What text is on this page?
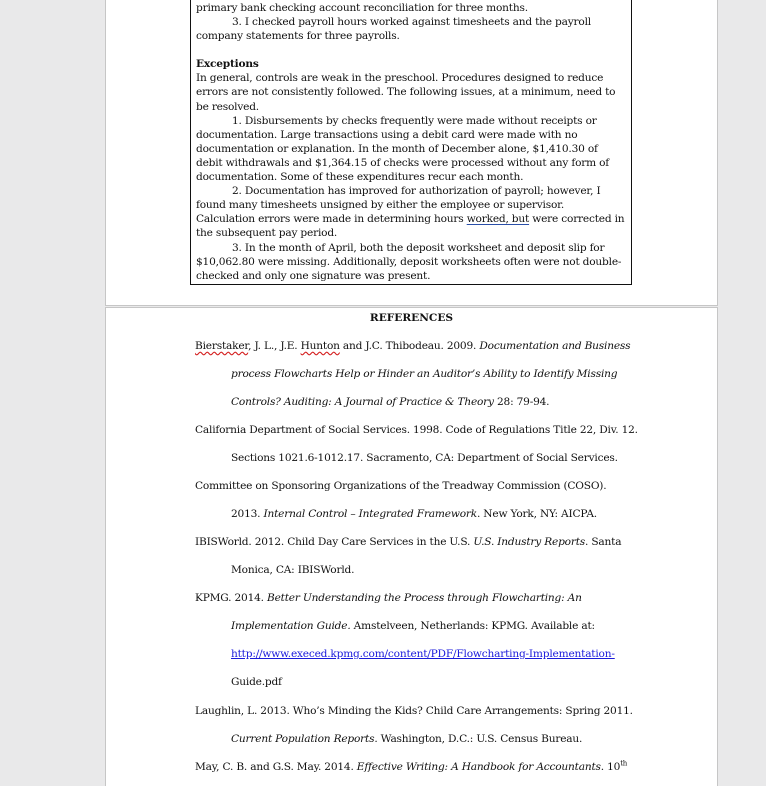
primary bank checking account reconciliation for three months.

3. I checked payroll hours worked against timesheets and the payroll

company statements for three payrolls.

Exceptions

In general, controls are weak in the preschool. Procedures designed to reduce errors are not consistently followed. The following issues, at a minimum, need to be resolved.

1. Disbursements by checks frequently were made without receipts or documentation. Large transactions using a debit card were made with no documentation or explanation. In the month of December alone, $1,410.30 of debit withdrawals and $1,364.15 of checks were processed without any form of documentation. Some of these expenditures recur each month.

2. Documentation has improved for authorization of payroll; however, I found many timesheets unsigned by either the employee or supervisor. Calculation errors were made in determining hours worked, but were corrected in the subsequent pay period.

3. In the month of April, both the deposit worksheet and deposit slip for $10,062.80 were missing. Additionally, deposit worksheets often were not double-checked and only one signature was present.

REFERENCES
Bierstaker, J. L., J.E. Hunton and J.C. Thibodeau. 2009. Documentation and Business
process Flowcharts Help or Hinder an Auditor’s Ability to Identify Missing
Controls? Auditing: A Journal of Practice & Theory 28: 79-94.
California Department of Social Services. 1998. Code of Regulations Title 22, Div. 12.
Sections 1021.6-1012.17. Sacramento, CA: Department of Social Services.
Committee on Sponsoring Organizations of the Treadway Commission (COSO).
2013. Internal Control – Integrated Framework. New York, NY: AICPA.
IBISWorld. 2012. Child Day Care Services in the U.S. U.S. Industry Reports. Santa
Monica, CA: IBISWorld.
KPMG. 2014. Better Understanding the Process through Flowcharting: An
Implementation Guide. Amstelveen, Netherlands: KPMG. Available at:
http://www.execed.kpmg.com/content/PDF/Flowcharting-Implementation-
Guide.pdf
Laughlin, L. 2013. Who’s Minding the Kids? Child Care Arrangements: Spring 2011.
Current Population Reports. Washington, D.C.: U.S. Census Bureau.
May, C. B. and G.S. May. 2014. Effective Writing: A Handbook for Accountants. 10th
